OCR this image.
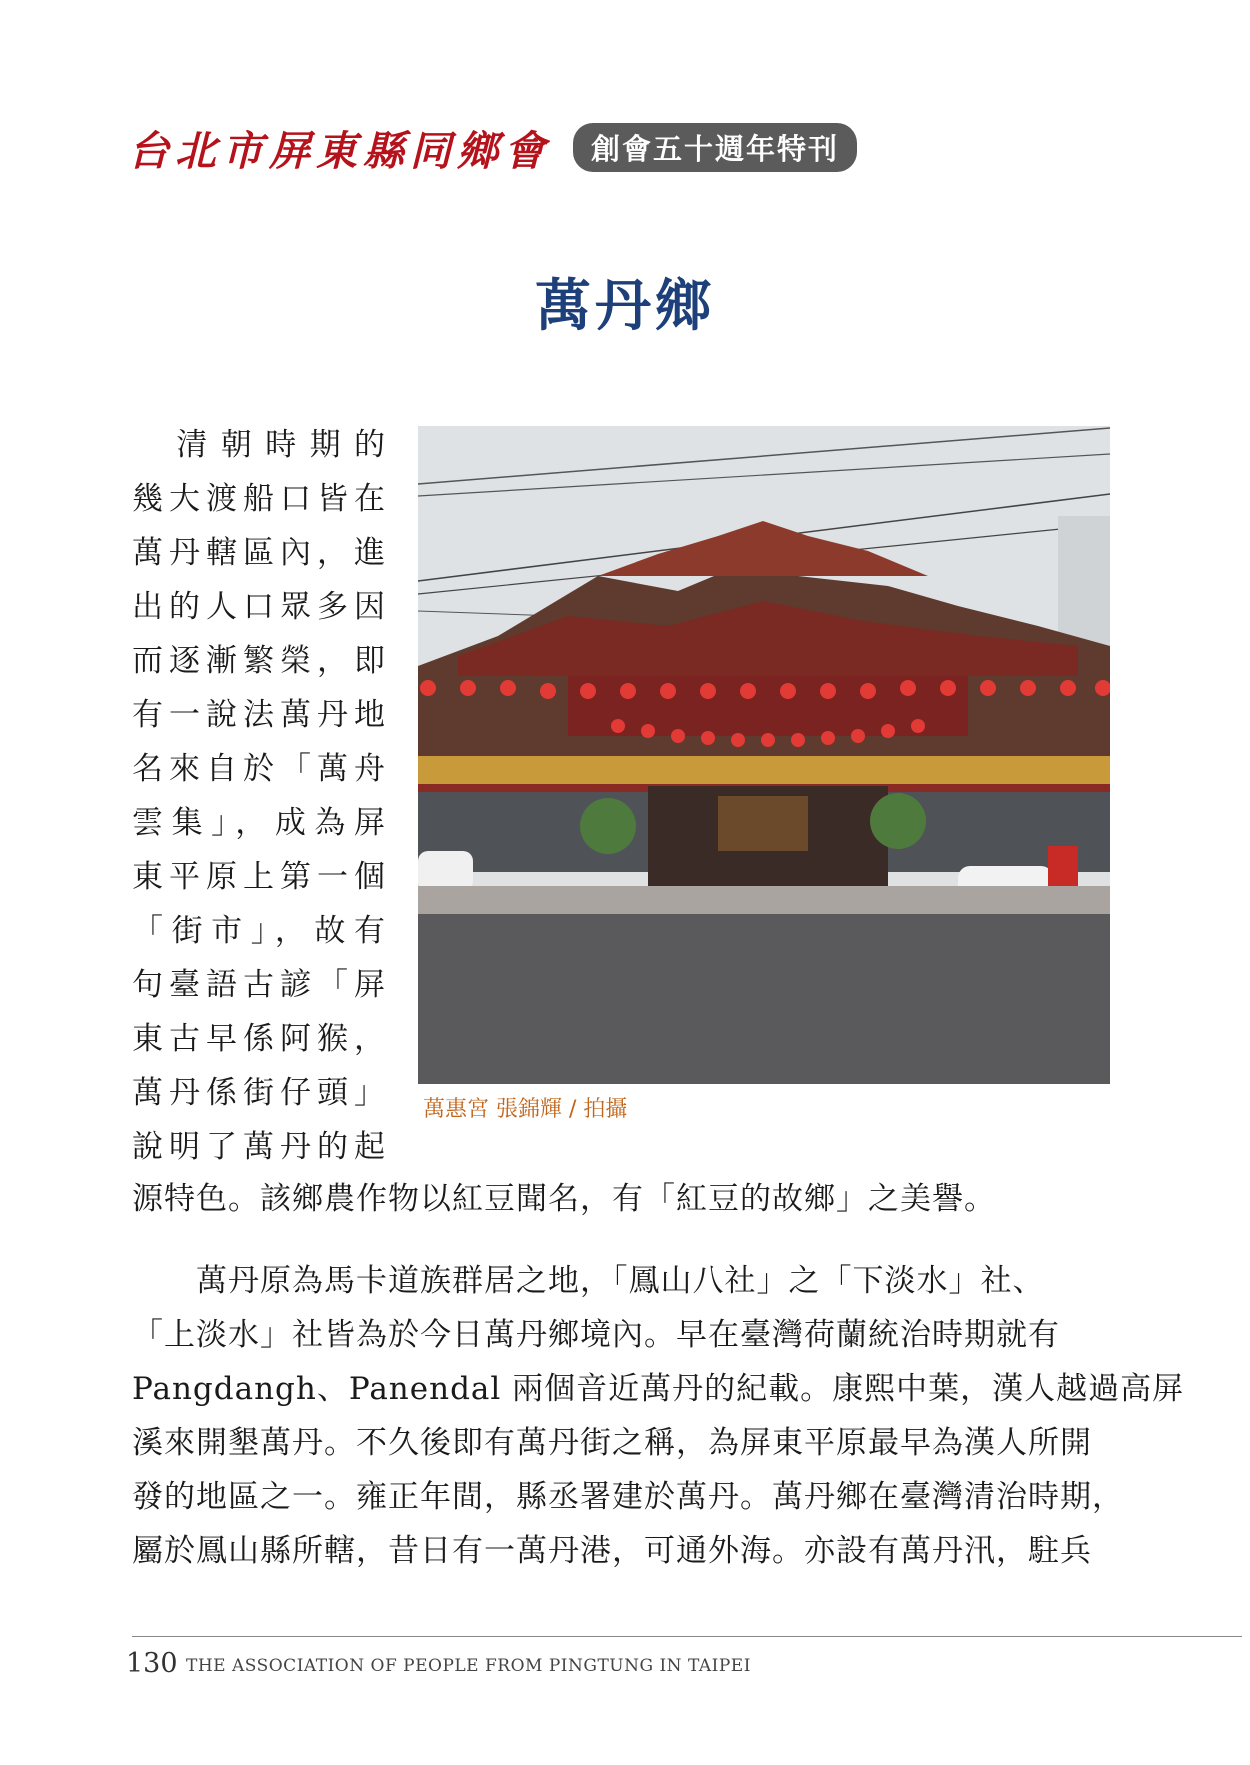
台北市屏東縣同鄉會	創會五十週年特刊
萬丹鄉
　清朝時期的
幾大渡船口皆在
萬丹轄區內，進
出的人口眾多因
而逐漸繁榮，即
有一說法萬丹地
名來自於「萬舟
雲集」，成為屏
東平原上第一個
「街市」，故有
句臺語古諺「屏
東古早係阿猴，
萬丹係街仔頭」
說明了萬丹的起
萬惠宮 張錦輝 / 拍攝
源特色。該鄉農作物以紅豆聞名，有「紅豆的故鄉」之美譽。
　　萬丹原為馬卡道族群居之地，「鳳山八社」之「下淡水」社、
「上淡水」社皆為於今日萬丹鄉境內。早在臺灣荷蘭統治時期就有
Pangdangh、Panendal 兩個音近萬丹的紀載。康熙中葉，漢人越過高屏
溪來開墾萬丹。不久後即有萬丹街之稱，為屏東平原最早為漢人所開
發的地區之一。雍正年間，縣丞署建於萬丹。萬丹鄉在臺灣清治時期，
屬於鳳山縣所轄，昔日有一萬丹港，可通外海。亦設有萬丹汛，駐兵
130 THE ASSOCIATION OF PEOPLE FROM PINGTUNG IN TAIPEI
